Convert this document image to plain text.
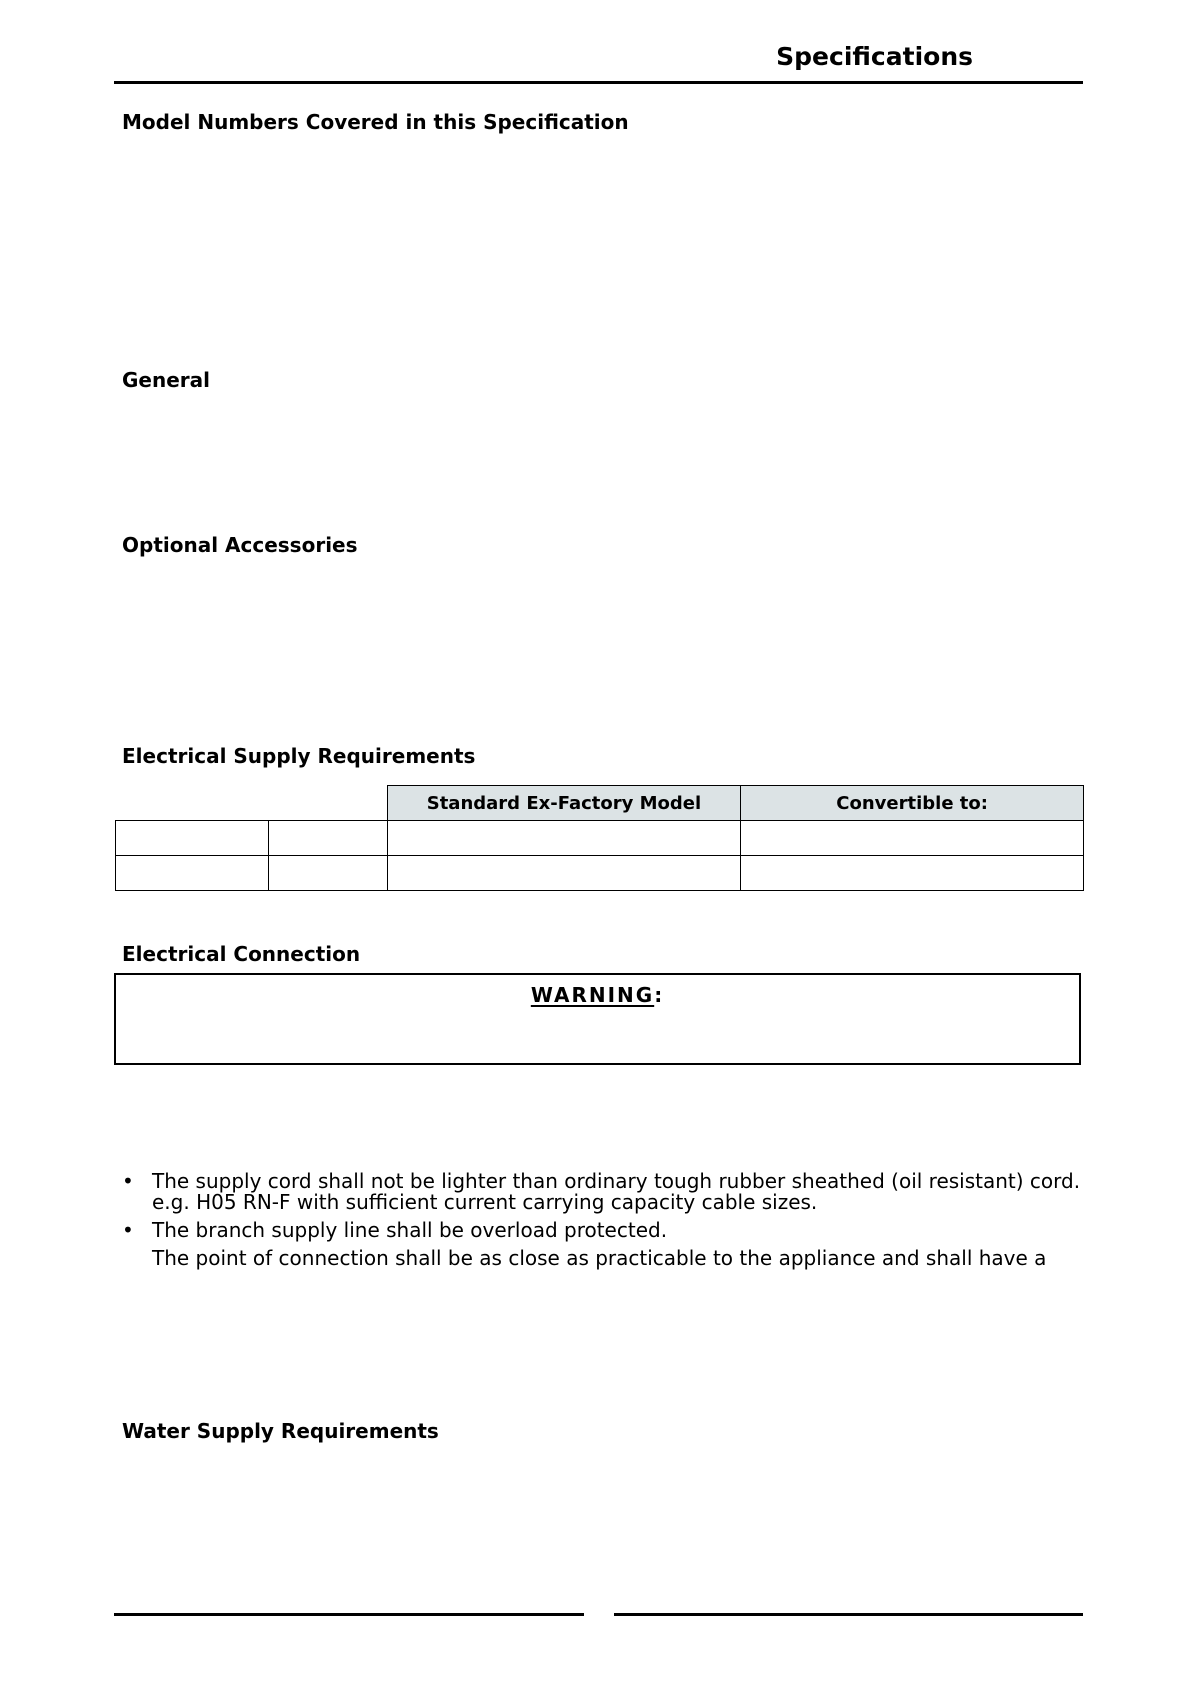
Specifications
Model Numbers Covered in this Specification
General
Optional Accessories
Electrical Supply Requirements
		Standard Ex-Factory Model	Convertible to:

Electrical Connection
WARNING:
• The supply cord shall not be lighter than ordinary tough rubber sheathed (oil resistant) cord.
e.g. H05 RN-F with sufficient current carrying capacity cable sizes.
• The branch supply line shall be overload protected.
The point of connection shall be as close as practicable to the appliance and shall have a
Water Supply Requirements
